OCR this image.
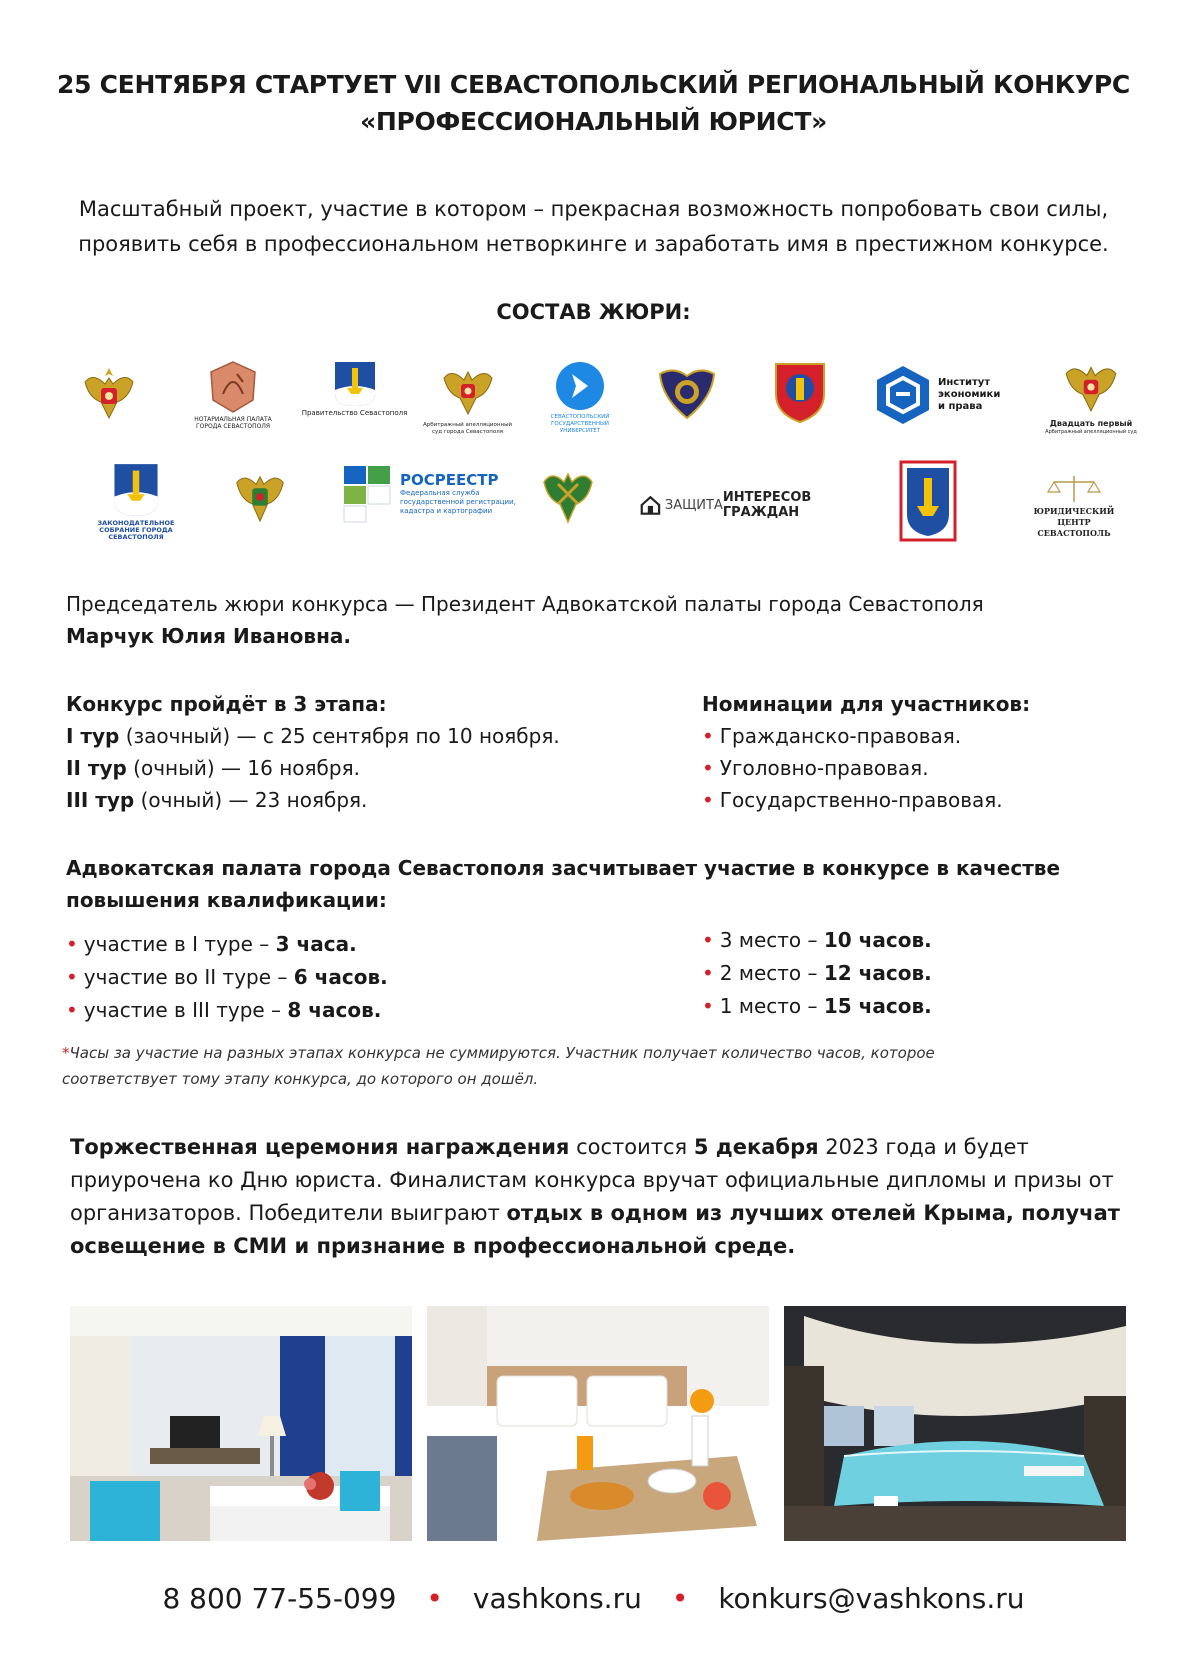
25 СЕНТЯБРЯ СТАРТУЕТ VII СЕВАСТОПОЛЬСКИЙ РЕГИОНАЛЬНЫЙ КОНКУРС
«ПРОФЕССИОНАЛЬНЫЙ ЮРИСТ»
Масштабный проект, участие в котором – прекрасная возможность попробовать свои силы,
проявить себя в профессиональном нетворкинге и заработать имя в престижном конкурсе.
СОСТАВ ЖЮРИ:
НОТАРИАЛЬНАЯ ПАЛАТА ГОРОДА СЕВАСТОПОЛЯ
Правительство Севастополя
Арбитражный апелляционный суд города Севастополя
СЕВАСТОПОЛЬСКИЙ ГОСУДАРСТВЕННЫЙ УНИВЕРСИТЕТ
Институт экономики и права
Двадцать первый
Арбитражный апелляционный суд
ЗАКОНОДАТЕЛЬНОЕ СОБРАНИЕ ГОРОДА СЕВАСТОПОЛЯ
РОСРЕЕСТР
Федеральная служба государственной регистрации, кадастра и картографии	ЗАЩИТА ИНТЕРЕСОВ ГРАЖДАН	ЮРИДИЧЕСКИЙ ЦЕНТР СЕВАСТОПОЛЬ
Председатель жюри конкурса — Президент Адвокатской палаты города Севастополя
Марчук Юлия Ивановна.
Конкурс пройдёт в 3 этапа:
I тур (заочный) — с 25 сентября по 10 ноября.
II тур (очный) — 16 ноября.
III тур (очный) — 23 ноября.
Номинации для участников:
• Гражданско-правовая.
• Уголовно-правовая.
• Государственно-правовая.
Адвокатская палата города Севастополя засчитывает участие в конкурсе в качестве
повышения квалификации:
• участие в I туре – 3 часа.
• участие во II туре – 6 часов.
• участие в III туре – 8 часов.
• 3 место – 10 часов.
• 2 место – 12 часов.
• 1 место – 15 часов.
*Часы за участие на разных этапах конкурса не суммируются. Участник получает количество часов, которое
соответствует тому этапу конкурса, до которого он дошёл.
Торжественная церемония награждения состоится 5 декабря 2023 года и будет приурочена ко Дню юриста. Финалистам конкурса вручат официальные дипломы и призы от организаторов. Победители выиграют отдых в одном из лучших отелей Крыма, получат освещение в СМИ и признание в профессиональной среде.
8 800 77-55-099 • vashkons.ru • konkurs@vashkons.ru
